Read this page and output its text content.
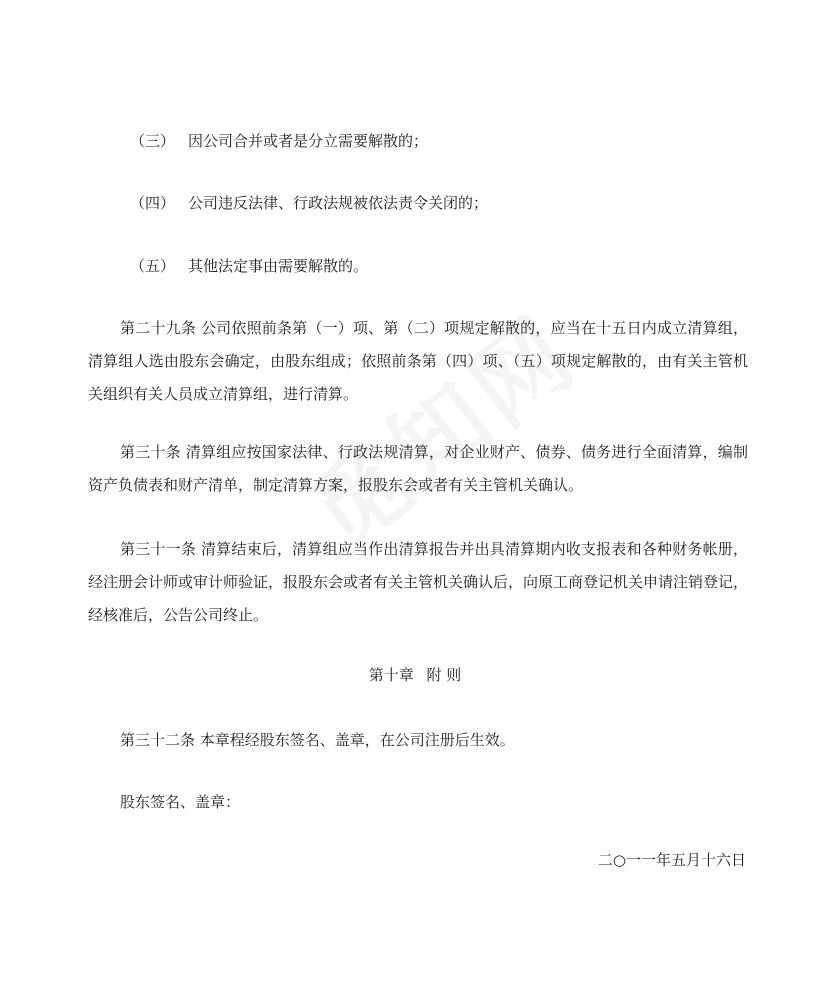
（三） 因公司合并或者是分立需要解散的；
（四） 公司违反法律、行政法规被依法责令关闭的；
（五） 其他法定事由需要解散的。
第二十九条 公司依照前条第（一）项、第（二）项规定解散的，应当在十五日内成立清算组，清算组人选由股东会确定，由股东组成；依照前条第（四）项、（五）项规定解散的，由有关主管机关组织有关人员成立清算组，进行清算。
第三十条 清算组应按国家法律、行政法规清算，对企业财产、债券、债务进行全面清算，编制资产负债表和财产清单，制定清算方案，报股东会或者有关主管机关确认。
第三十一条 清算结束后，清算组应当作出清算报告并出具清算期内收支报表和各种财务帐册，经注册会计师或审计师验证，报股东会或者有关主管机关确认后，向原工商登记机关申请注销登记，经核准后，公告公司终止。
第十章 附 则
第三十二条 本章程经股东签名、盖章，在公司注册后生效。
股东签名、盖章：
二○一一年五月十六日
